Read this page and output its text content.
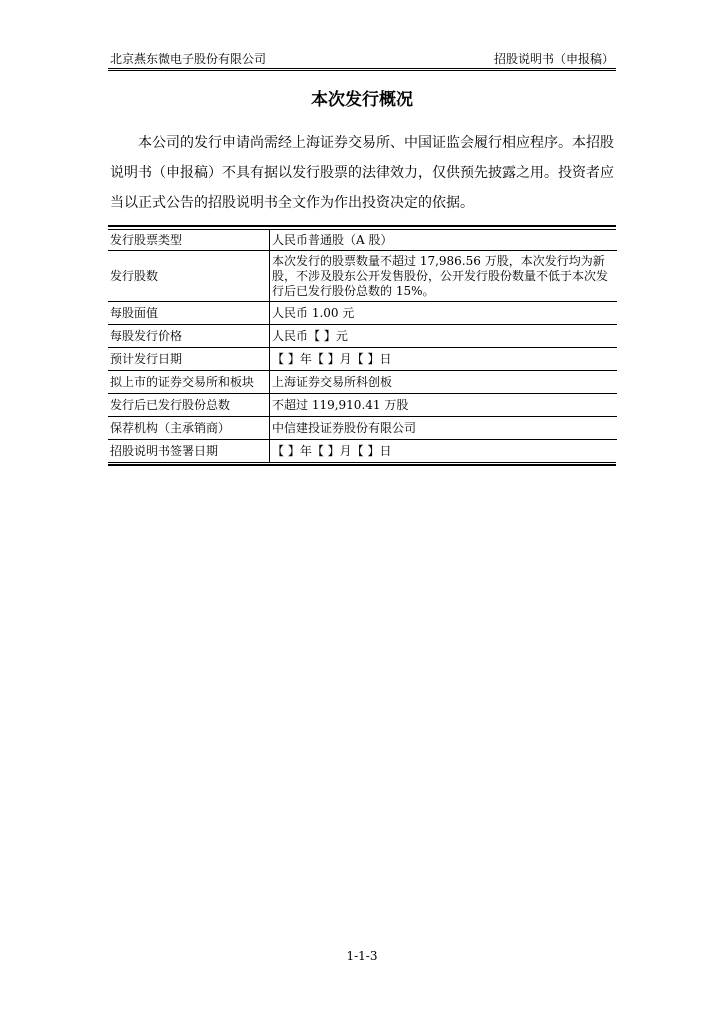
北京燕东微电子股份有限公司	招股说明书（申报稿）
本次发行概况

本公司的发行申请尚需经上海证券交易所、中国证监会履行相应程序。本招股说明书（申报稿）不具有据以发行股票的法律效力，仅供预先披露之用。投资者应当以正式公告的招股说明书全文作为作出投资决定的依据。

发行股票类型	人民币普通股（A 股）
发行股数	本次发行的股票数量不超过 17,986.56 万股，本次发行均为新股，不涉及股东公开发售股份，公开发行股份数量不低于本次发行后已发行股份总数的 15%。
每股面值	人民币 1.00 元
每股发行价格	人民币【 】元
预计发行日期	【 】年【 】月【 】日
拟上市的证券交易所和板块	上海证券交易所科创板
发行后已发行股份总数	不超过 119,910.41 万股
保荐机构（主承销商）	中信建投证券股份有限公司
招股说明书签署日期	【 】年【 】月【 】日
1-1-3
